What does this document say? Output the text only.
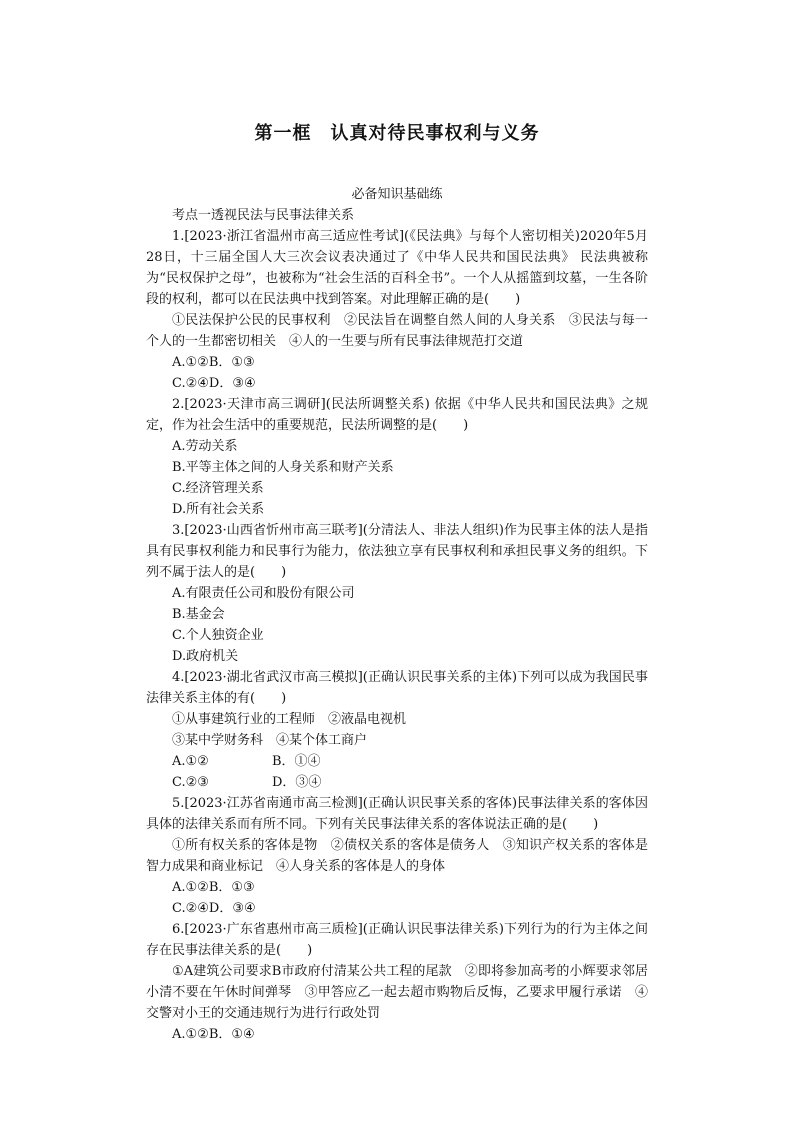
第一框　认真对待民事权利与义务

必备知识基础练

考点一透视民法与民事法律关系

1.[2023·浙江省温州市高三适应性考试](《民法典》与每个人密切相关)2020年5月28日，十三届全国人大三次会议表决通过了《中华人民共和国民法典》 民法典被称为“民权保护之母”，也被称为“社会生活的百科全书”。一个人从摇篮到坟墓，一生各阶段的权利，都可以在民法典中找到答案。对此理解正确的是(　　)

①民法保护公民的民事权利　②民法旨在调整自然人间的人身关系　③民法与每一个人的一生都密切相关　④人的一生要与所有民事法律规范打交道

A.①②B．①③

C.②④D．③④

2.[2023·天津市高三调研](民法所调整关系) 依据《中华人民共和国民法典》之规定，作为社会生活中的重要规范，民法所调整的是(　　)

A.劳动关系

B.平等主体之间的人身关系和财产关系

C.经济管理关系

D.所有社会关系

3.[2023·山西省忻州市高三联考](分清法人、非法人组织)作为民事主体的法人是指具有民事权利能力和民事行为能力，依法独立享有民事权利和承担民事义务的组织。下列不属于法人的是(　　)

A.有限责任公司和股份有限公司

B.基金会

C.个人独资企业

D.政府机关

4.[2023·湖北省武汉市高三模拟](正确认识民事关系的主体)下列可以成为我国民事法律关系主体的有(　　)

①从事建筑行业的工程师　②液晶电视机

③某中学财务科　④某个体工商户

A.①②	B．①④

C.②③	D．③④

5.[2023·江苏省南通市高三检测](正确认识民事关系的客体)民事法律关系的客体因具体的法律关系而有所不同。下列有关民事法律关系的客体说法正确的是(　　)

①所有权关系的客体是物　②债权关系的客体是债务人　③知识产权关系的客体是智力成果和商业标记　④人身关系的客体是人的身体

A.①②B．①③

C.②④D．③④

6.[2023·广东省惠州市高三质检](正确认识民事法律关系)下列行为的行为主体之间存在民事法律关系的是(　　)

①A建筑公司要求B市政府付清某公共工程的尾款　②即将参加高考的小辉要求邻居小清不要在午休时间弹琴　③甲答应乙一起去超市购物后反悔，乙要求甲履行承诺　④交警对小王的交通违规行为进行行政处罚

A.①②B．①④
